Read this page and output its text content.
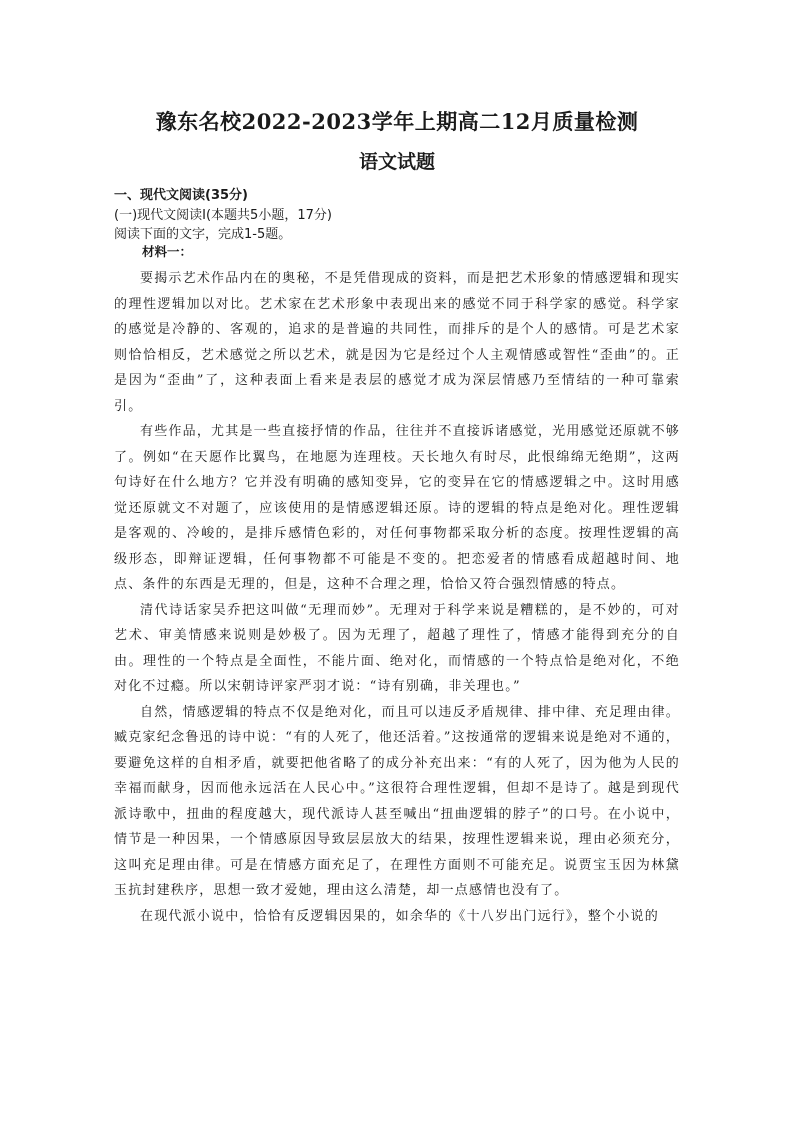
豫东名校2022-2023学年上期高二12月质量检测
语文试题
一、现代文阅读(35分)
(一)现代文阅读I(本题共5小题，17分)
阅读下面的文字，完成1-5题。
材料一：

要揭示艺术作品内在的奥秘，不是凭借现成的资料，而是把艺术形象的情感逻辑和现实的理性逻辑加以对比。艺术家在艺术形象中表现出来的感觉不同于科学家的感觉。科学家的感觉是冷静的、客观的，追求的是普遍的共同性，而排斥的是个人的感情。可是艺术家则恰恰相反，艺术感觉之所以艺术，就是因为它是经过个人主观情感或智性“歪曲”的。正是因为“歪曲”了，这种表面上看来是表层的感觉才成为深层情感乃至情结的一种可靠索引。

有些作品，尤其是一些直接抒情的作品，往往并不直接诉诸感觉，光用感觉还原就不够了。例如“在天愿作比翼鸟，在地愿为连理枝。天长地久有时尽，此恨绵绵无绝期”，这两句诗好在什么地方？它并没有明确的感知变异，它的变异在它的情感逻辑之中。这时用感觉还原就文不对题了，应该使用的是情感逻辑还原。诗的逻辑的特点是绝对化。理性逻辑是客观的、冷峻的，是排斥感情色彩的，对任何事物都采取分析的态度。按理性逻辑的高级形态，即辩证逻辑，任何事物都不可能是不变的。把恋爱者的情感看成超越时间、地点、条件的东西是无理的，但是，这种不合理之理，恰恰又符合强烈情感的特点。

清代诗话家吴乔把这叫做“无理而妙”。无理对于科学来说是糟糕的，是不妙的，可对艺术、审美情感来说则是妙极了。因为无理了，超越了理性了，情感才能得到充分的自由。理性的一个特点是全面性，不能片面、绝对化，而情感的一个特点恰是绝对化，不绝对化不过瘾。所以宋朝诗评家严羽才说：“诗有别确，非关理也。”

自然，情感逻辑的特点不仅是绝对化，而且可以违反矛盾规律、排中律、充足理由律。臧克家纪念鲁迅的诗中说：“有的人死了，他还活着。”这按通常的逻辑来说是绝对不通的，要避免这样的自相矛盾，就要把他省略了的成分补充出来：“有的人死了，因为他为人民的幸福而献身，因而他永远活在人民心中。”这很符合理性逻辑，但却不是诗了。越是到现代派诗歌中，扭曲的程度越大，现代派诗人甚至喊出“扭曲逻辑的脖子”的口号。在小说中，情节是一种因果，一个情感原因导致层层放大的结果，按理性逻辑来说，理由必须充分，这叫充足理由律。可是在情感方面充足了，在理性方面则不可能充足。说贾宝玉因为林黛玉抗封建秩序，思想一致才爱她，理由这么清楚，却一点感情也没有了。

在现代派小说中，恰恰有反逻辑因果的，如余华的《十八岁出门远行》，整个小说的
